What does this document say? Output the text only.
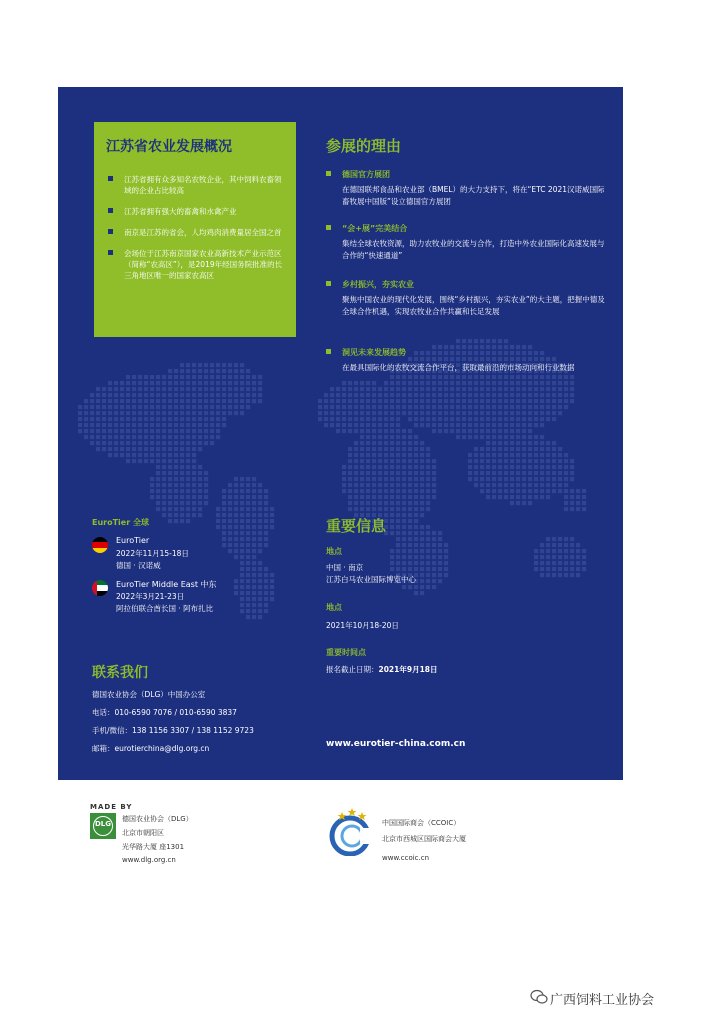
江苏省农业发展概况
江苏省拥有众多知名农牧企业，其中饲料农畜领域的企业占比较高
江苏省拥有强大的畜禽和水禽产业
南京是江苏的省会，人均鸡肉消费量居全国之首
会场位于江苏南京国家农业高新技术产业示范区（简称“农高区”），是2019年经国务院批准的长三角地区唯一的国家农高区
参展的理由
德国官方展团
在德国联邦食品和农业部（BMEL）的大力支持下，将在“ETC 2021汉诺威国际畜牧展中国版”设立德国官方展团
“会+展”完美结合
集结全球农牧资源，助力农牧业的交流与合作，打造中外农业国际化高速发展与合作的“快速通道”
乡村振兴，夯实农业
聚焦中国农业的现代化发展，围绕“乡村振兴，夯实农业”的大主题，把握中德及全球合作机遇，实现农牧业合作共赢和长足发展
洞见未来发展趋势
在最具国际化的农牧交流合作平台，获取最前沿的市场动向和行业数据
EuroTier 全球
EuroTier
2022年11月15-18日
德国 · 汉诺威
EuroTier Middle East 中东
2022年3月21-23日
阿拉伯联合酋长国 · 阿布扎比
重要信息
地点
中国 · 南京
江苏白马农业国际博览中心
地点
2021年10月18-20日
重要时间点
报名截止日期：2021年9月18日
联系我们
德国农业协会（DLG）中国办公室
电话：010-6590 7076 / 010-6590 3837
手机/微信：138 1156 3307 / 138 1152 9723
邮箱：eurotierchina@dlg.org.cn	www.eurotier-china.com.cn
MADE BY
DLG
德国农业协会（DLG）
北京市朝阳区
光华路大厦 座1301
www.dlg.org.cn
中国国际商会（CCOIC）
北京市西城区国际商会大厦
www.ccoic.cn
广西饲料工业协会
